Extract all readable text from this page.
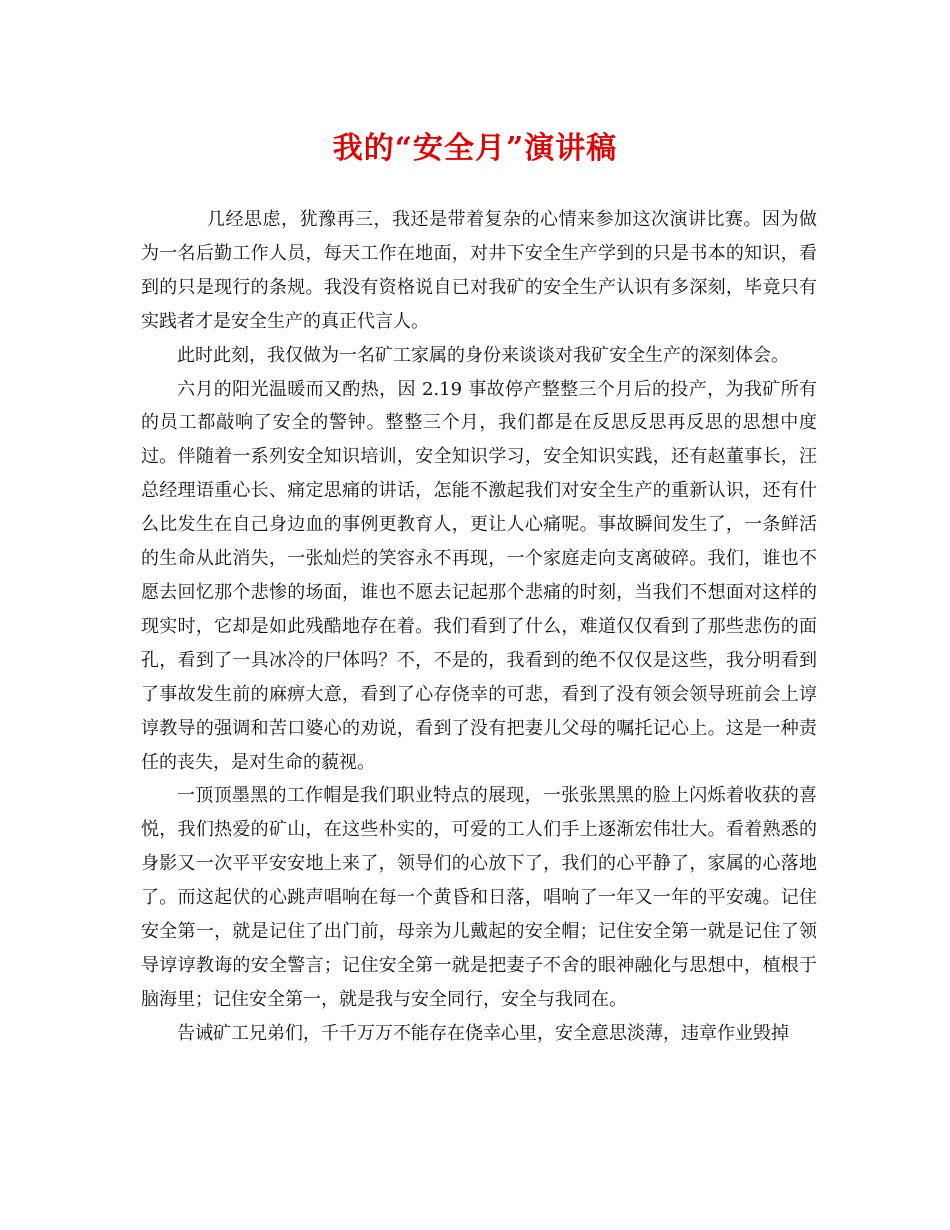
我的“安全月”演讲稿

几经思虑，犹豫再三，我还是带着复杂的心情来参加这次演讲比赛。因为做为一名后勤工作人员，每天工作在地面，对井下安全生产学到的只是书本的知识，看到的只是现行的条规。我没有资格说自已对我矿的安全生产认识有多深刻，毕竟只有实践者才是安全生产的真正代言人。

此时此刻，我仅做为一名矿工家属的身份来谈谈对我矿安全生产的深刻体会。

六月的阳光温暖而又酌热，因 2.19 事故停产整整三个月后的投产，为我矿所有的员工都敲响了安全的警钟。整整三个月，我们都是在反思反思再反思的思想中度过。伴随着一系列安全知识培训，安全知识学习，安全知识实践，还有赵董事长，汪总经理语重心长、痛定思痛的讲话，怎能不激起我们对安全生产的重新认识，还有什么比发生在自己身边血的事例更教育人，更让人心痛呢。事故瞬间发生了，一条鲜活的生命从此消失，一张灿烂的笑容永不再现，一个家庭走向支离破碎。我们，谁也不愿去回忆那个悲惨的场面，谁也不愿去记起那个悲痛的时刻，当我们不想面对这样的现实时，它却是如此残酷地存在着。我们看到了什么，难道仅仅看到了那些悲伤的面孔，看到了一具冰冷的尸体吗？不，不是的，我看到的绝不仅仅是这些，我分明看到了事故发生前的麻痹大意，看到了心存侥幸的可悲，看到了没有领会领导班前会上谆谆教导的强调和苦口婆心的劝说，看到了没有把妻儿父母的嘱托记心上。这是一种责任的丧失，是对生命的藐视。

一顶顶墨黑的工作帽是我们职业特点的展现，一张张黑黑的脸上闪烁着收获的喜悦，我们热爱的矿山，在这些朴实的，可爱的工人们手上逐渐宏伟壮大。看着熟悉的身影又一次平平安安地上来了，领导们的心放下了，我们的心平静了，家属的心落地了。而这起伏的心跳声唱响在每一个黄昏和日落，唱响了一年又一年的平安魂。记住安全第一，就是记住了出门前，母亲为儿戴起的安全帽；记住安全第一就是记住了领导谆谆教诲的安全警言；记住安全第一就是把妻子不舍的眼神融化与思想中，植根于脑海里；记住安全第一，就是我与安全同行，安全与我同在。

告诫矿工兄弟们，千千万万不能存在侥幸心里，安全意思淡薄，违章作业毁掉
